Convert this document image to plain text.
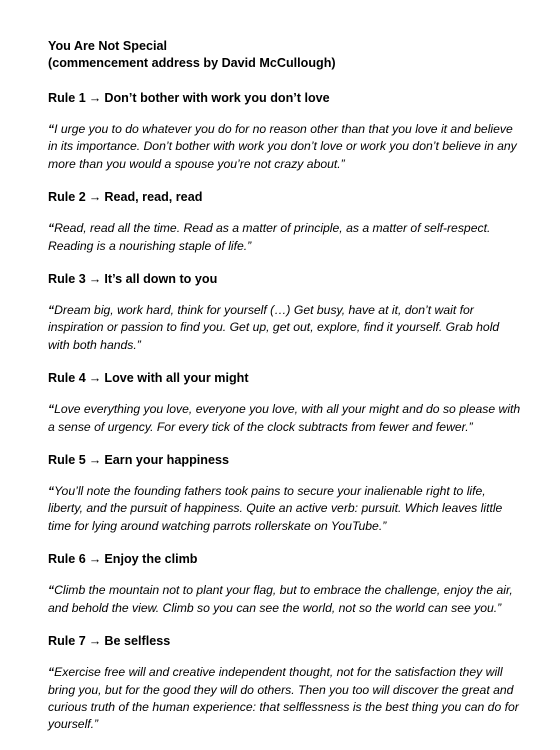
You Are Not Special
(commencement address by David McCullough)
Rule 1 → Don’t bother with work you don’t love

“I urge you to do whatever you do for no reason other than that you love it and believe in its importance. Don’t bother with work you don’t love or work you don’t believe in any more than you would a spouse you’re not crazy about.”

Rule 2 → Read, read, read

“Read, read all the time. Read as a matter of principle, as a matter of self-respect. Reading is a nourishing staple of life.”

Rule 3 → It’s all down to you

“Dream big, work hard, think for yourself (…) Get busy, have at it, don’t wait for inspiration or passion to find you. Get up, get out, explore, find it yourself. Grab hold with both hands.”

Rule 4 → Love with all your might

“Love everything you love, everyone you love, with all your might and do so please with a sense of urgency. For every tick of the clock subtracts from fewer and fewer.”

Rule 5 → Earn your happiness

“You’ll note the founding fathers took pains to secure your inalienable right to life, liberty, and the pursuit of happiness. Quite an active verb: pursuit. Which leaves little time for lying around watching parrots rollerskate on YouTube.”

Rule 6 → Enjoy the climb

“Climb the mountain not to plant your flag, but to embrace the challenge, enjoy the air, and behold the view. Climb so you can see the world, not so the world can see you.”

Rule 7 → Be selfless

“Exercise free will and creative independent thought, not for the satisfaction they will bring you, but for the good they will do others. Then you too will discover the great and curious truth of the human experience: that selflessness is the best thing you can do for yourself.”
